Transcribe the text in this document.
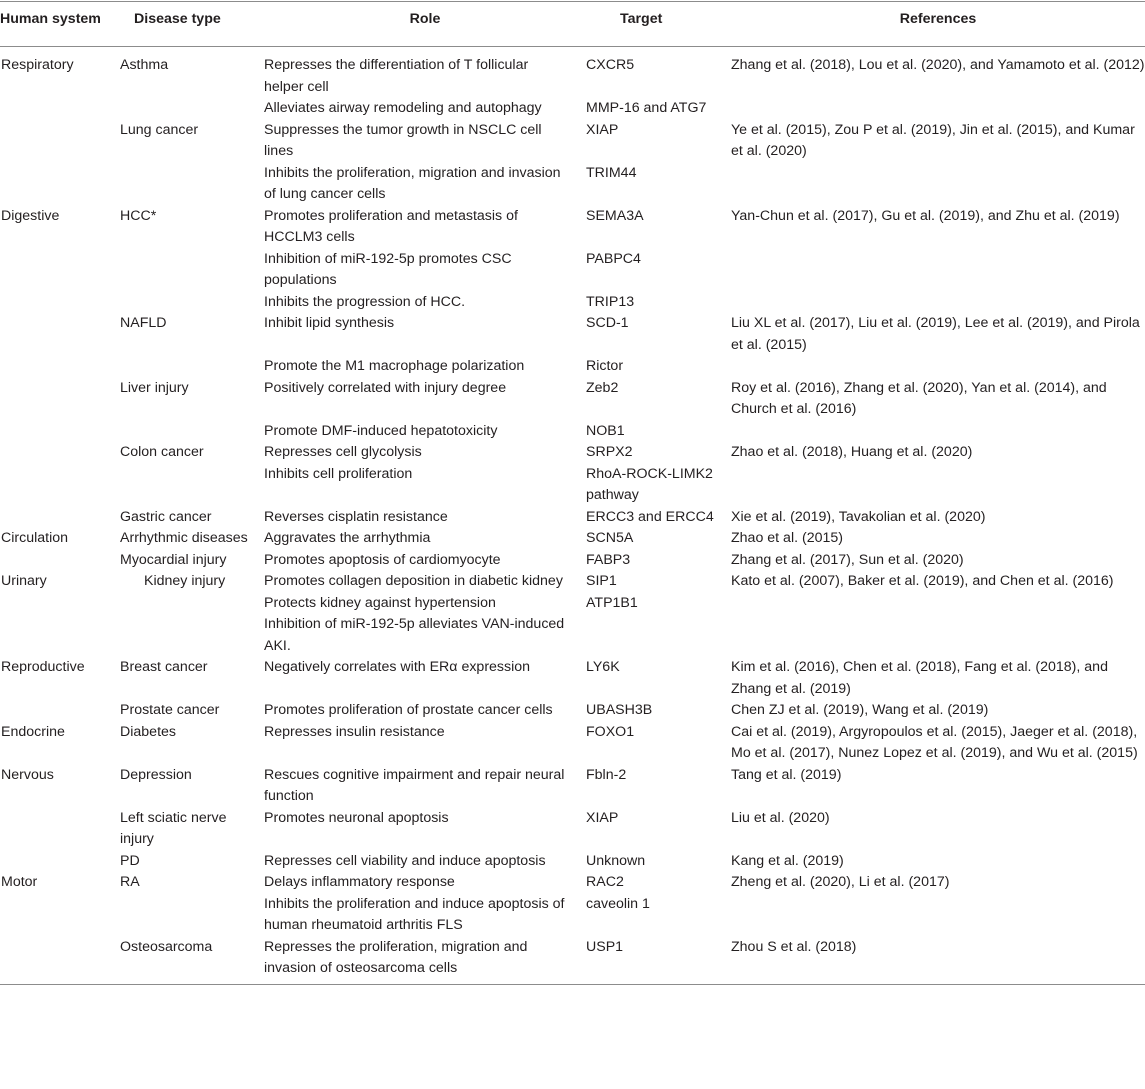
Human system	Disease type	Role	Target	References
Respiratory	Asthma	Represses the differentiation of T follicular helper cell	CXCR5	Zhang et al. (2018), Lou et al. (2020), and Yamamoto et al. (2012)
		Alleviates airway remodeling and autophagy	MMP-16 and ATG7	
	Lung cancer	Suppresses the tumor growth in NSCLC cell lines	XIAP	Ye et al. (2015), Zou P et al. (2019), Jin et al. (2015), and Kumar et al. (2020)
		Inhibits the proliferation, migration and invasion of lung cancer cells	TRIM44	
Digestive	HCC*	Promotes proliferation and metastasis of HCCLM3 cells	SEMA3A	Yan-Chun et al. (2017), Gu et al. (2019), and Zhu et al. (2019)
		Inhibition of miR-192-5p promotes CSC populations	PABPC4	
		Inhibits the progression of HCC.	TRIP13	
	NAFLD	Inhibit lipid synthesis	SCD-1	Liu XL et al. (2017), Liu et al. (2019), Lee et al. (2019), and Pirola et al. (2015)
		Promote the M1 macrophage polarization	Rictor	
	Liver injury	Positively correlated with injury degree	Zeb2	Roy et al. (2016), Zhang et al. (2020), Yan et al. (2014), and Church et al. (2016)
		Promote DMF-induced hepatotoxicity	NOB1	
	Colon cancer	Represses cell glycolysis	SRPX2	Zhao et al. (2018), Huang et al. (2020)
		Inhibits cell proliferation	RhoA-ROCK-LIMK2 pathway	
	Gastric cancer	Reverses cisplatin resistance	ERCC3 and ERCC4	Xie et al. (2019), Tavakolian et al. (2020)
Circulation	Arrhythmic diseases	Aggravates the arrhythmia	SCN5A	Zhao et al. (2015)
	Myocardial injury	Promotes apoptosis of cardiomyocyte	FABP3	Zhang et al. (2017), Sun et al. (2020)
Urinary	Kidney injury	Promotes collagen deposition in diabetic kidney	SIP1	Kato et al. (2007), Baker et al. (2019), and Chen et al. (2016)
		Protects kidney against hypertension	ATP1B1	
		Inhibition of miR-192-5p alleviates VAN-induced AKI.		
Reproductive	Breast cancer	Negatively correlates with ERα expression	LY6K	Kim et al. (2016), Chen et al. (2018), Fang et al. (2018), and Zhang et al. (2019)
	Prostate cancer	Promotes proliferation of prostate cancer cells	UBASH3B	Chen ZJ et al. (2019), Wang et al. (2019)
Endocrine	Diabetes	Represses insulin resistance	FOXO1	Cai et al. (2019), Argyropoulos et al. (2015), Jaeger et al. (2018), Mo et al. (2017), Nunez Lopez et al. (2019), and Wu et al. (2015)
Nervous	Depression	Rescues cognitive impairment and repair neural function	Fbln-2	Tang et al. (2019)
	Left sciatic nerve injury	Promotes neuronal apoptosis	XIAP	Liu et al. (2020)
	PD	Represses cell viability and induce apoptosis	Unknown	Kang et al. (2019)
Motor	RA	Delays inflammatory response	RAC2	Zheng et al. (2020), Li et al. (2017)
		Inhibits the proliferation and induce apoptosis of human rheumatoid arthritis FLS	caveolin 1	
	Osteosarcoma	Represses the proliferation, migration and invasion of osteosarcoma cells	USP1	Zhou S et al. (2018)
